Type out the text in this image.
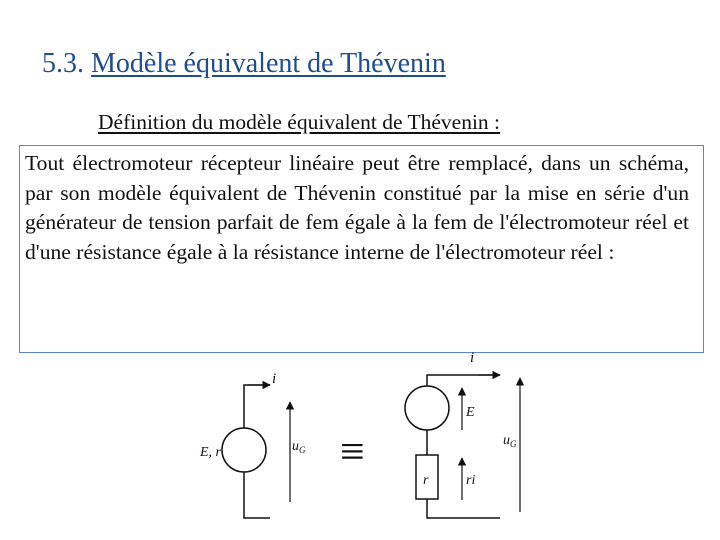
5.3. Modèle équivalent de Thévenin
Définition du modèle équivalent de Thévenin :

Tout électromoteur récepteur linéaire peut être remplacé, dans un schéma, par son modèle équivalent de Thévenin constitué par la mise en série d'un générateur de tension parfait de fem égale à la fem de l'électromoteur réel et d'une résistance égale à la résistance interne de l'électromoteur réel :

i
E, r	$u_G$ ≡
i
E
r	ri
$u_G$
